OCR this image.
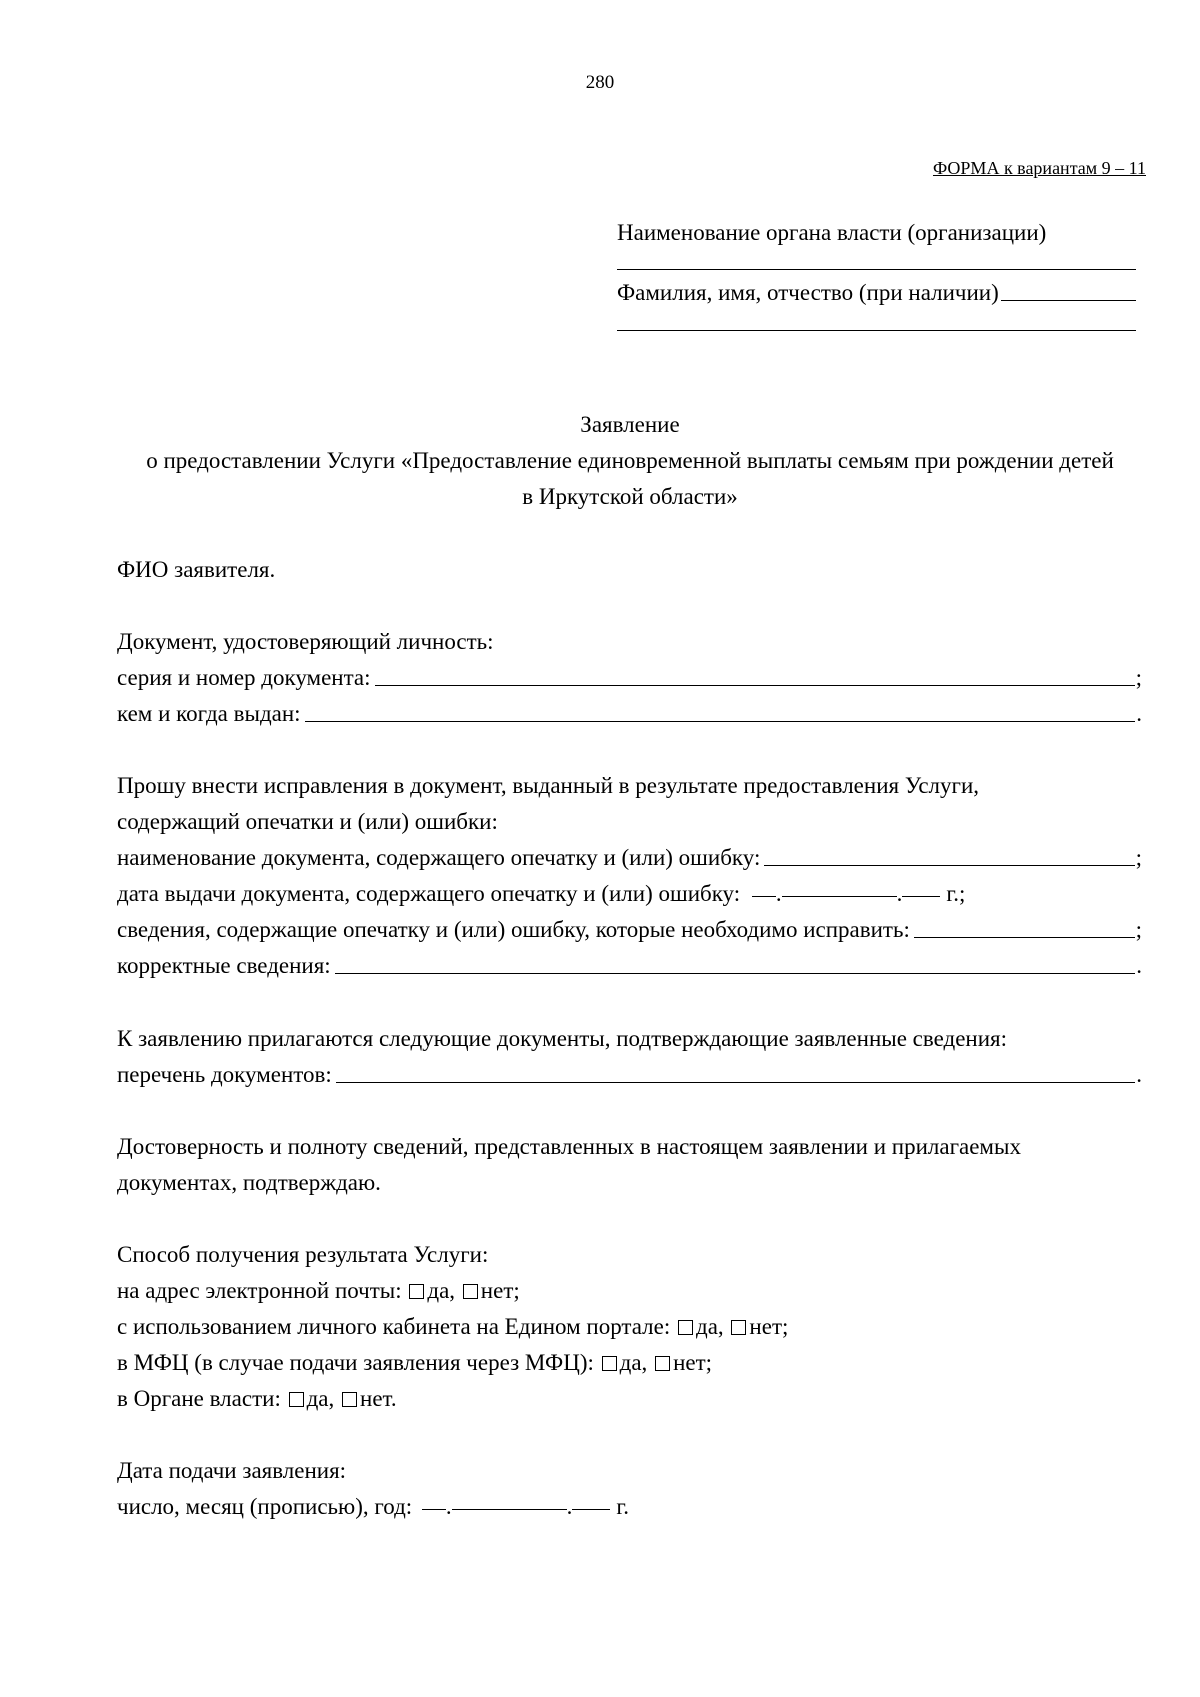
280
ФОРМА к вариантам 9 – 11
Наименование органа власти (организации)
Фамилия, имя, отчество (при наличии)
Заявление
о предоставлении Услуги «Предоставление единовременной выплаты семьям при рождении детей
в Иркутской области»
ФИО заявителя.
Документ, удостоверяющий личность:
серия и номер документа:	;
кем и когда выдан:	.
Прошу внести исправления в документ, выданный в результате предоставления Услуги,
содержащий опечатки и (или) ошибки:
наименование документа, содержащего опечатку и (или) ошибку:	;
дата выдачи документа, содержащего опечатку и (или) ошибку: .	. г.;
сведения, содержащие опечатку и (или) ошибку, которые необходимо исправить:	;
корректные сведения:	.
К заявлению прилагаются следующие документы, подтверждающие заявленные сведения:
перечень документов:	.
Достоверность и полноту сведений, представленных в настоящем заявлении и прилагаемых
документах, подтверждаю.
Способ получения результата Услуги:
на адрес электронной почты: да, нет;
с использованием личного кабинета на Едином портале: да, нет;
в МФЦ (в случае подачи заявления через МФЦ): да, нет;
в Органе власти: да, нет.
Дата подачи заявления:
число, месяц (прописью), год: .	. г.
